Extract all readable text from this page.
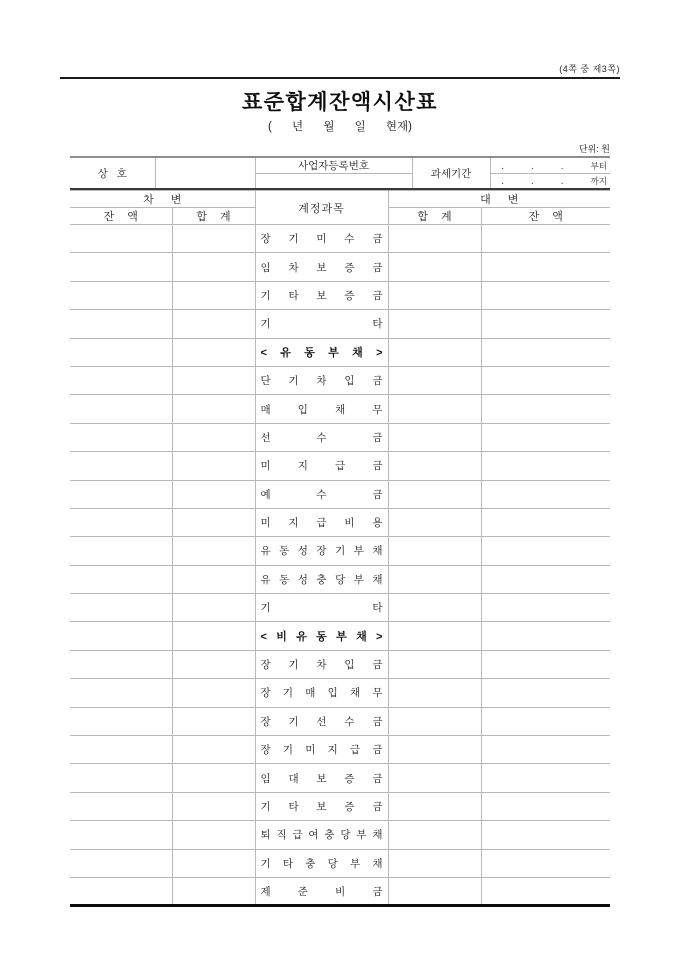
(4쪽 중 제3쪽)
표준합계잔액시산표
( 년 월 일 현재)
단위: 원
상 호		사업자등록번호	과세기간	...부터
				...까지
차 변		계정과목	대 변	
잔 액	합 계		합 계	잔 액

		장 기 미 수 금		

		임 차 보 증 금		

		기 타 보 증 금		

		기 타		

		< 유 동 부 채 >		

		단 기 차 입 금		

		매 입 채 무		

		선 수 금		

		미 지 급 금		

		예 수 금		

		미 지 급 비 용		

		유 동 성 장 기 부 채		

		유 동 성 충 당 부 채		

		기 타		

		< 비 유 동 부 채 >		

		장 기 차 입 금		

		장 기 매 입 채 무		

		장 기 선 수 금		

		장 기 미 지 급 금		

		임 대 보 증 금		

		기 타 보 증 금		

		퇴 직 급 여 충 당 부 채		

		기 타 충 당 부 채		

		제 준 비 금		
